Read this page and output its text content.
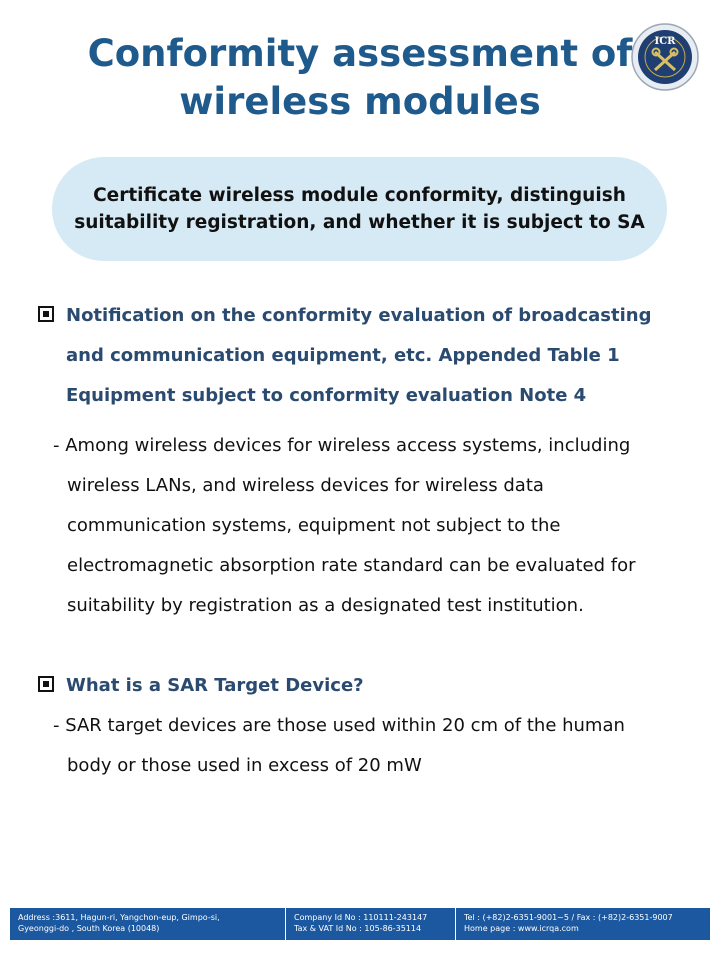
Conformity assessment of
wireless modules
ICR
Certificate wireless module conformity, distinguish
suitability registration, and whether it is subject to SA
Notification on the conformity evaluation of broadcasting
and communication equipment, etc. Appended Table 1
Equipment subject to conformity evaluation Note 4
- Among wireless devices for wireless access systems, including
wireless LANs, and wireless devices for wireless data
communication systems, equipment not subject to the
electromagnetic absorption rate standard can be evaluated for
suitability by registration as a designated test institution.
What is a SAR Target Device?
- SAR target devices are those used within 20 cm of the human
body or those used in excess of 20 mW
Address :3611, Hagun-ri, Yangchon-eup, Gimpo-si,
Gyeonggi-do , South Korea (10048)
Company Id No : 110111-243147
Tax & VAT Id No : 105-86-35114
Tel : (+82)2-6351-9001~5 / Fax : (+82)2-6351-9007
Home page : www.icrqa.com
